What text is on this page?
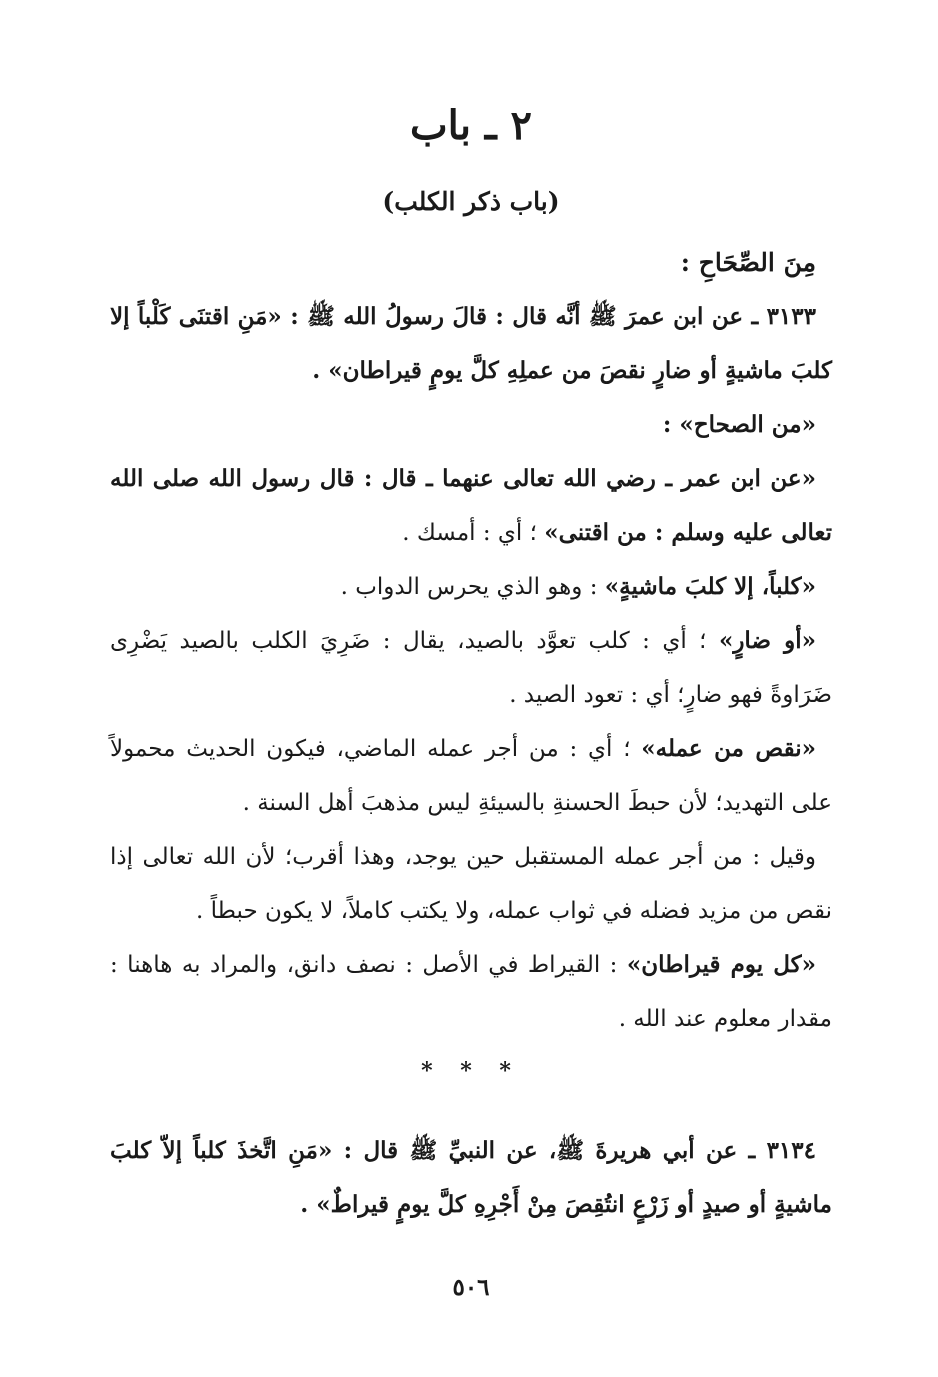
٢ ـ باب
(باب ذكر الكلب)

مِنَ الصِّحَاحِ :

٣١٣٣ ـ عن ابن عمرَ ﷺ أنَّه قال : قالَ رسولُ الله ﷺ : «مَنِ اقتنَى كَلْباً إلا كلبَ ماشيةٍ أو ضارٍ نقصَ من عملِهِ كلَّ يومٍ قيراطان» .

«من الصحاح» :

«عن ابن عمر ـ رضي الله تعالى عنهما ـ قال : قال رسول الله صلى الله تعالى عليه وسلم : من اقتنى» ؛ أي : أمسك .

«كلباً، إلا كلبَ ماشيةٍ» : وهو الذي يحرس الدواب .

«أو ضارٍ» ؛ أي : كلب تعوَّد بالصيد، يقال : ضَرِيَ الكلب بالصيد يَضْرِى ضَرَاوةً فهو ضارٍ؛ أي : تعود الصيد .

«نقص من عمله» ؛ أي : من أجر عمله الماضي، فيكون الحديث محمولاً على التهديد؛ لأن حبطَ الحسنةِ بالسيئةِ ليس مذهبَ أهل السنة .

وقيل : من أجر عمله المستقبل حين يوجد، وهذا أقرب؛ لأن الله تعالى إذا نقص من مزيد فضله في ثواب عمله، ولا يكتب كاملاً، لا يكون حبطاً .

«كل يوم قيراطان» : القيراط في الأصل : نصف دانق، والمراد به هاهنا : مقدار معلوم عند الله .

* * *

٣١٣٤ ـ عن أبي هريرةَ ﷺ، عن النبيِّ ﷺ قال : «مَنِ اتَّخذَ كلباً إلاّ كلبَ ماشيةٍ أو صيدٍ أو زَرْعٍ انتُقِصَ مِنْ أَجْرِهِ كلَّ يومٍ قيراطٌ» .

٥٠٦
